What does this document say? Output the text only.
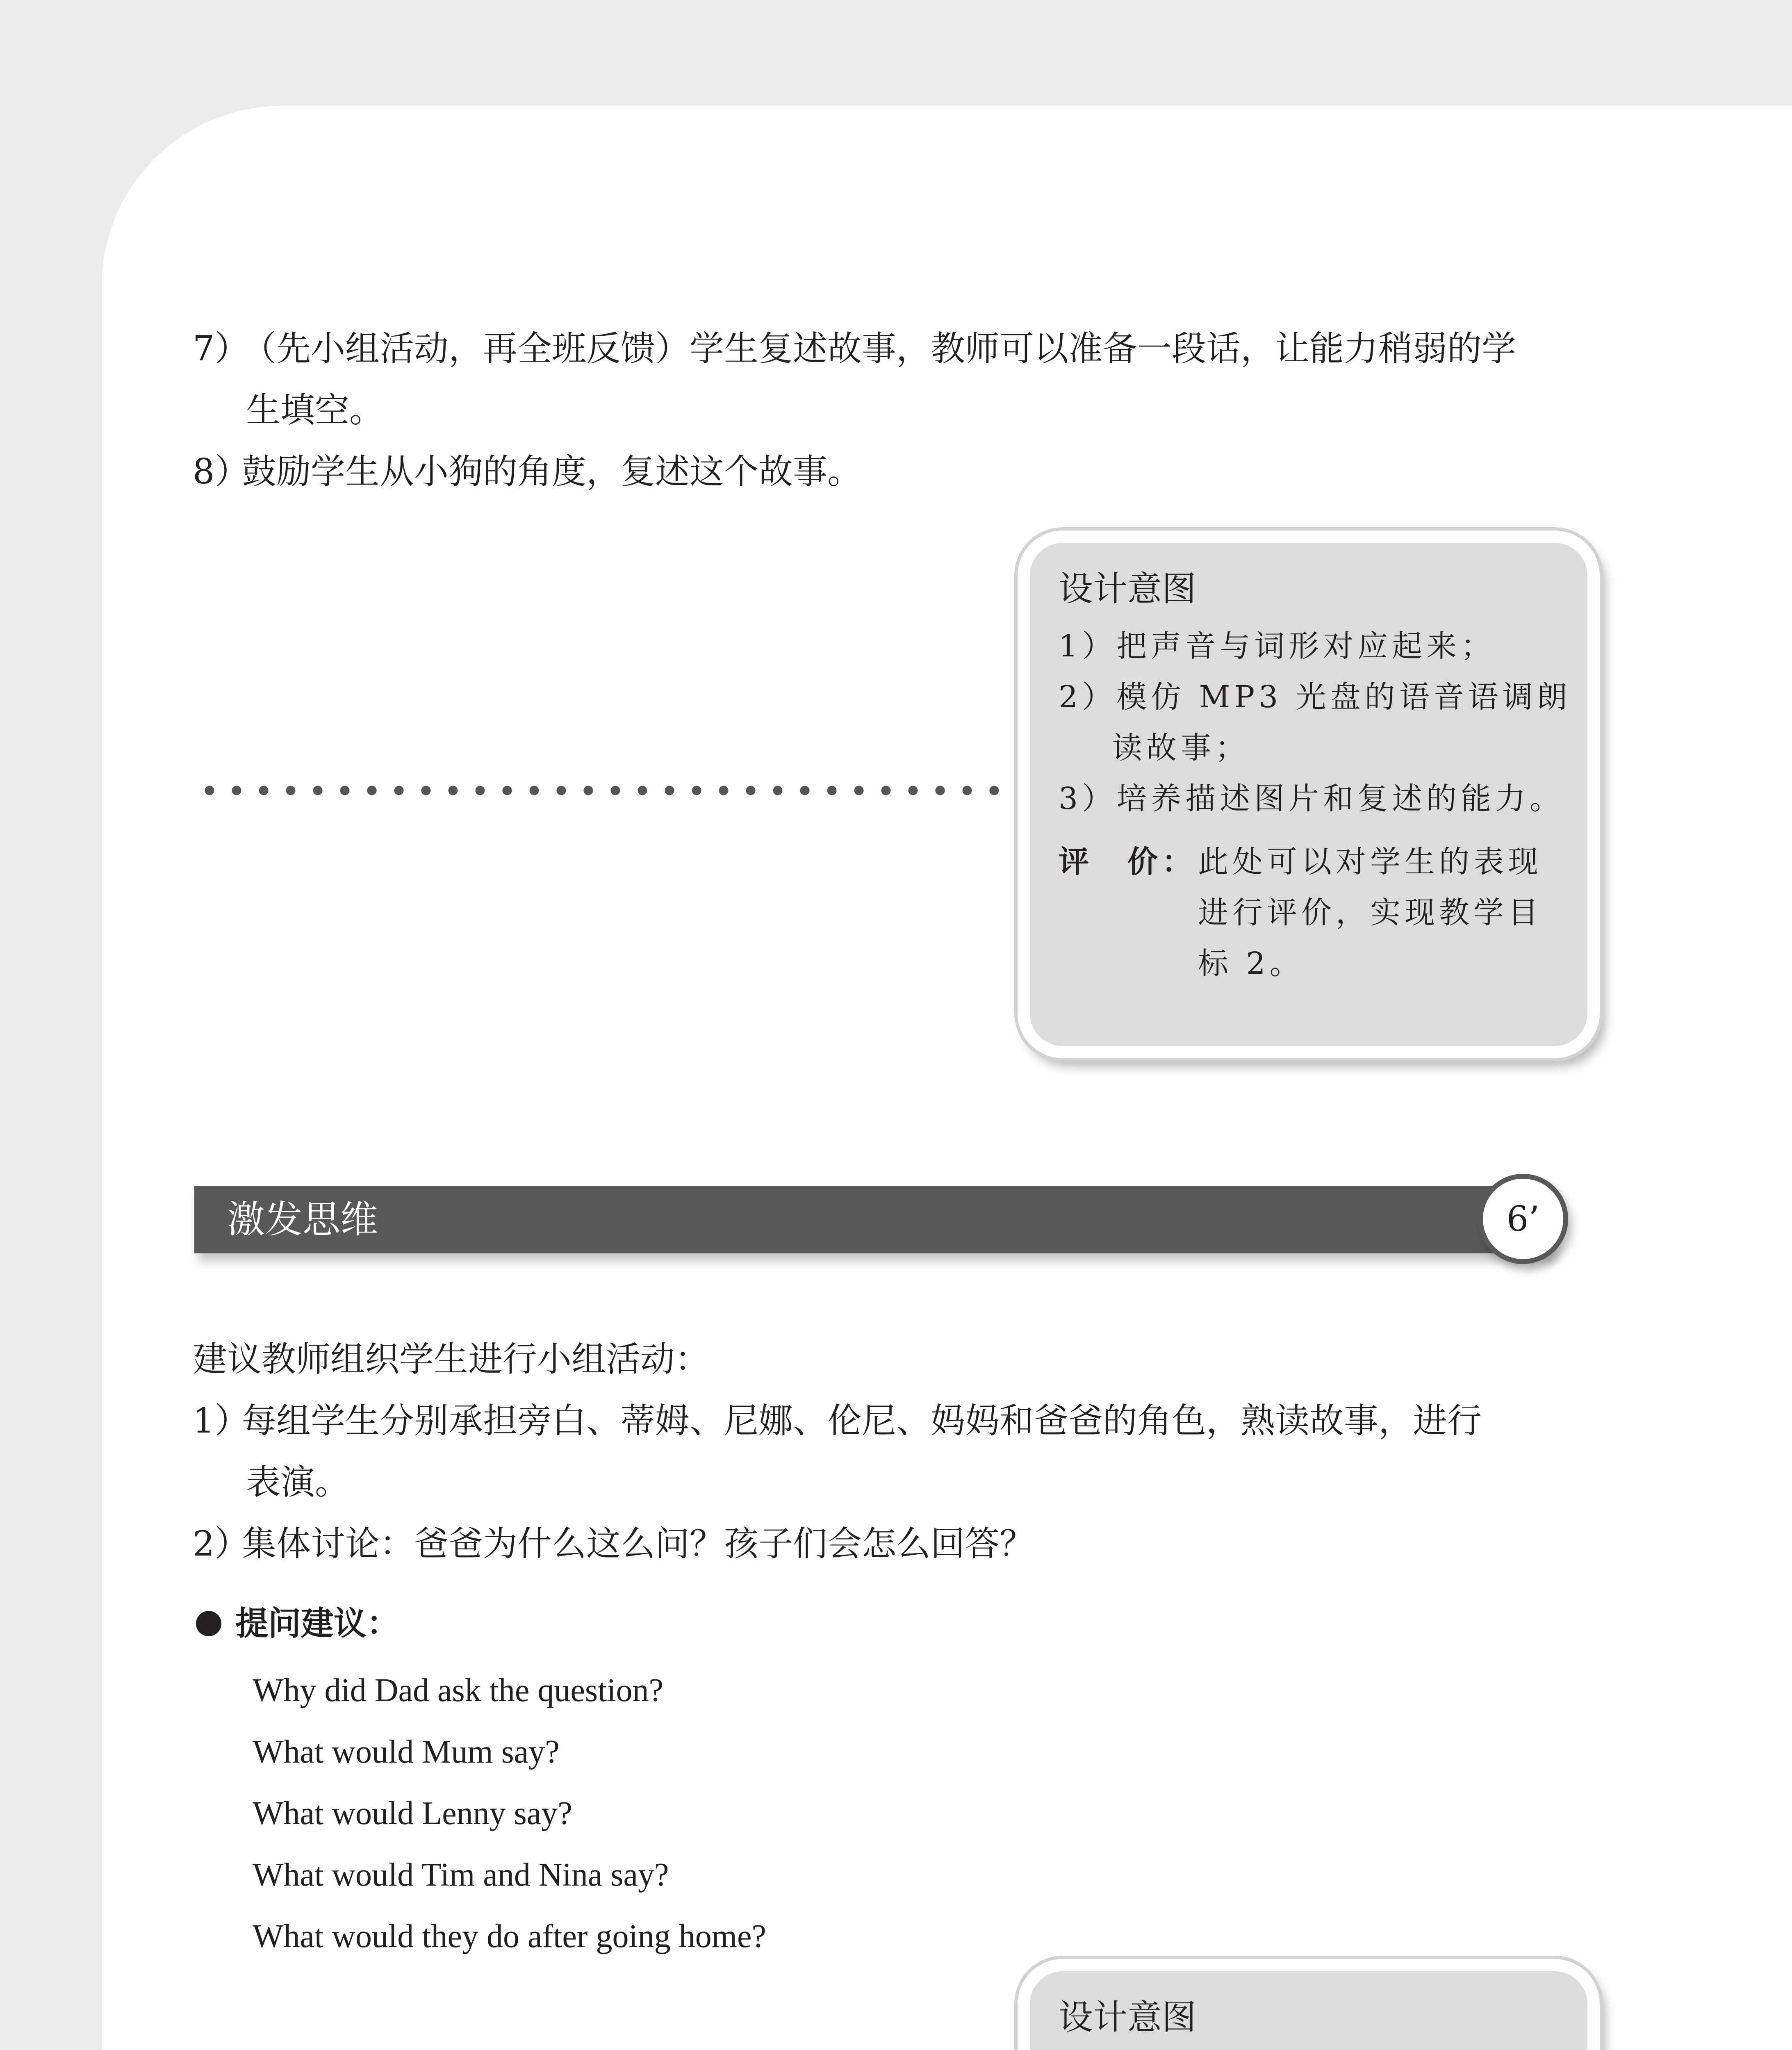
7）（先小组活动，再全班反馈）学生复述故事，教师可以准备一段话，让能力稍弱的学
生填空。
8）鼓励学生从小狗的角度，复述这个故事。
设计意图
1）把声音与词形对应起来；
2）模仿 MP3 光盘的语音语调朗
读故事；
3）培养描述图片和复述的能力。
评　价： 此处可以对学生的表现进行评价，实现教学目标 2。
激发思维	6’
建议教师组织学生进行小组活动：
1）每组学生分别承担旁白、蒂姆、尼娜、伦尼、妈妈和爸爸的角色，熟读故事，进行
表演。
2）集体讨论：爸爸为什么这么问？孩子们会怎么回答？
提问建议：
Why did Dad ask the question?
What would Mum say?
What would Lenny say?
What would Tim and Nina say?
What would they do after going home?
设计意图
